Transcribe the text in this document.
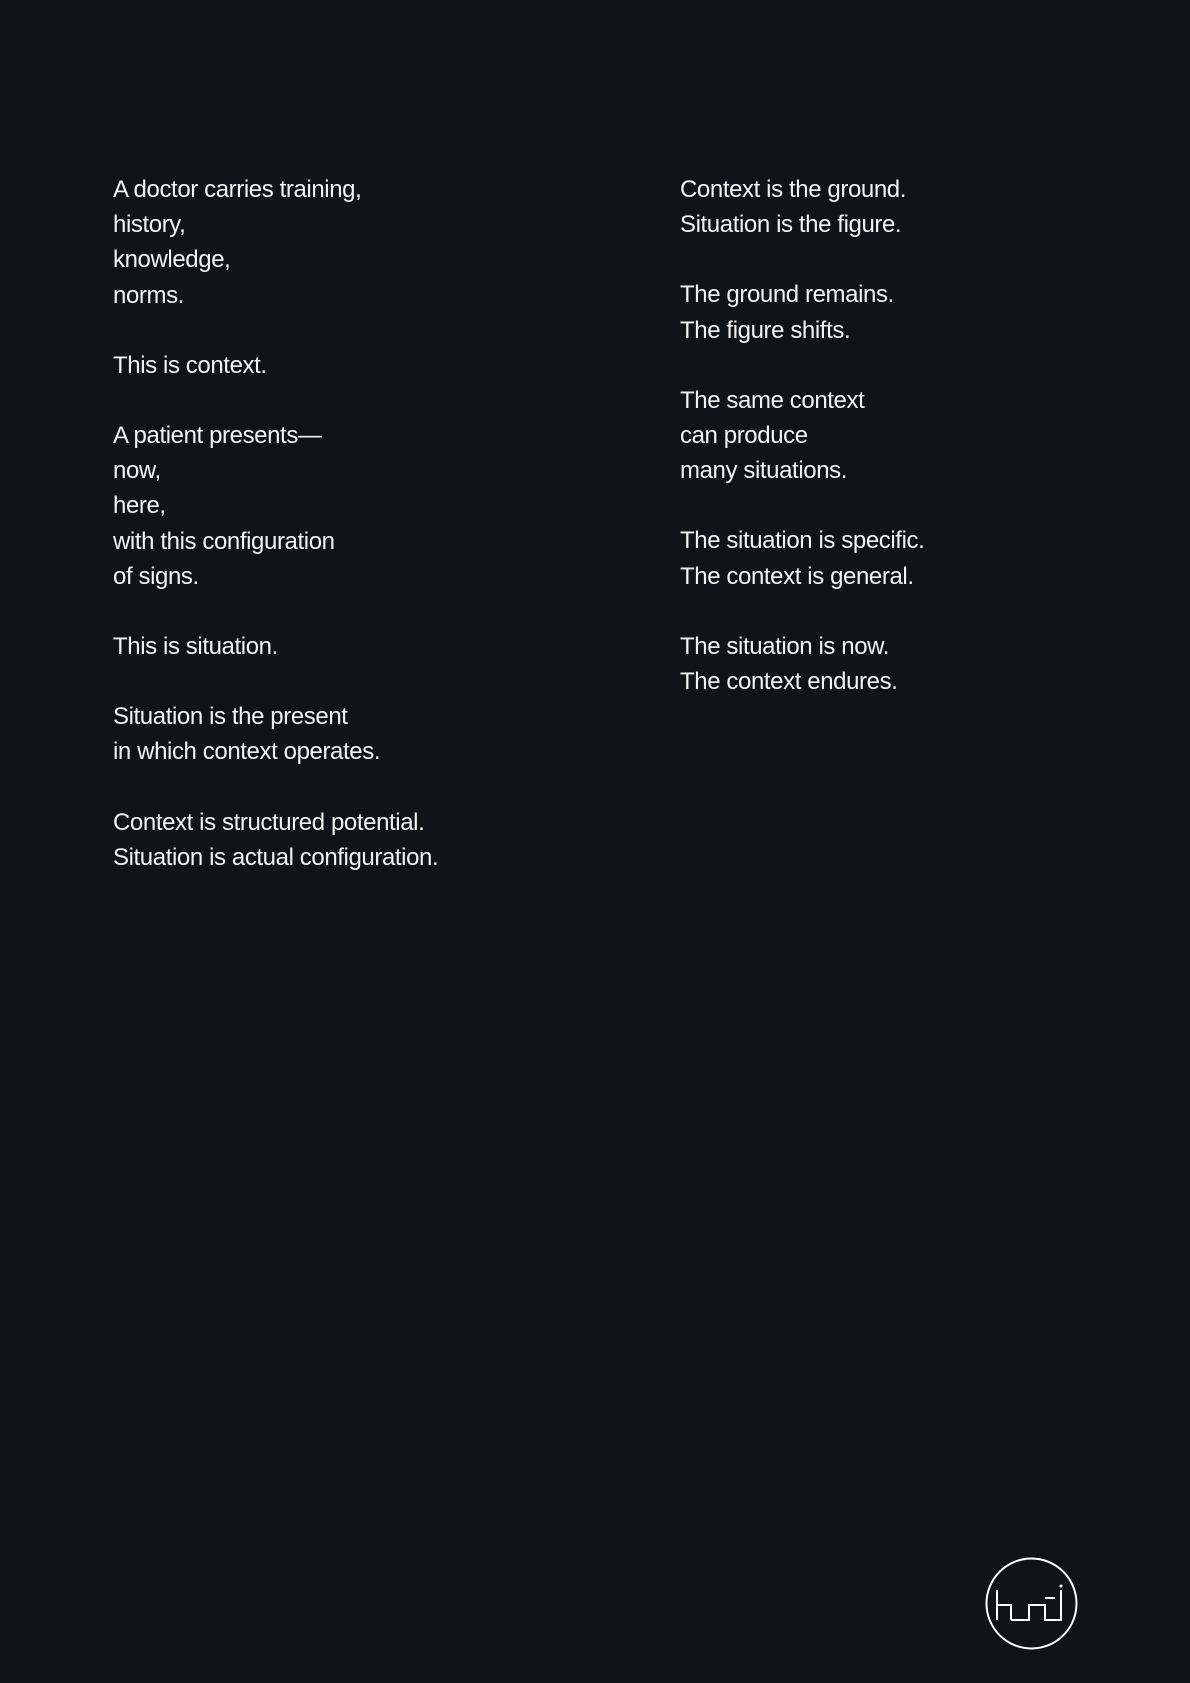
A doctor carries training,
history,
knowledge,
norms.
This is context.
A patient presents—
now,
here,
with this configuration
of signs.
This is situation.
Situation is the present
in which context operates.
Context is structured potential.
Situation is actual configuration.
Context is the ground.
Situation is the figure.
The ground remains.
The figure shifts.
The same context
can produce
many situations.
The situation is specific.
The context is general.
The situation is now.
The context endures.
